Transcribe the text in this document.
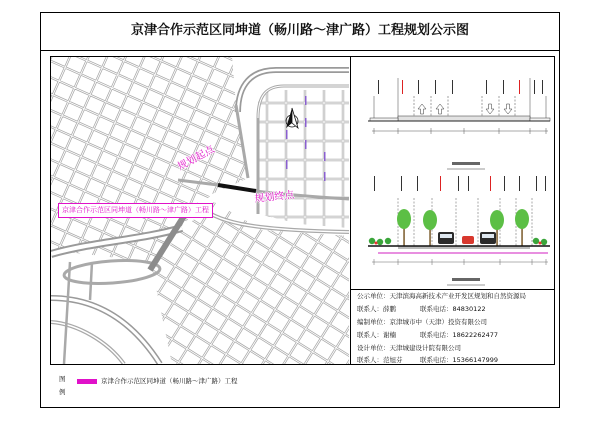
京津合作示范区同坤道（畅川路～津广路）工程规划公示图
规划起点
规划终点
京津合作示范区同坤道（畅川路～津广路）工程
公示单位：天津滨海高新技术产业开发区规划和自然资源局
联系人：薛鹏	联系电话：84830122
编制单位：京津城市中（天津）投资有限公司
联系人：谢楠	联系电话：18622262477
设计单位：天津城建设计院有限公司
联系人：范旭芬	联系电话：15366147999
图
例
京津合作示范区同坤道（畅川路～津广路）工程
